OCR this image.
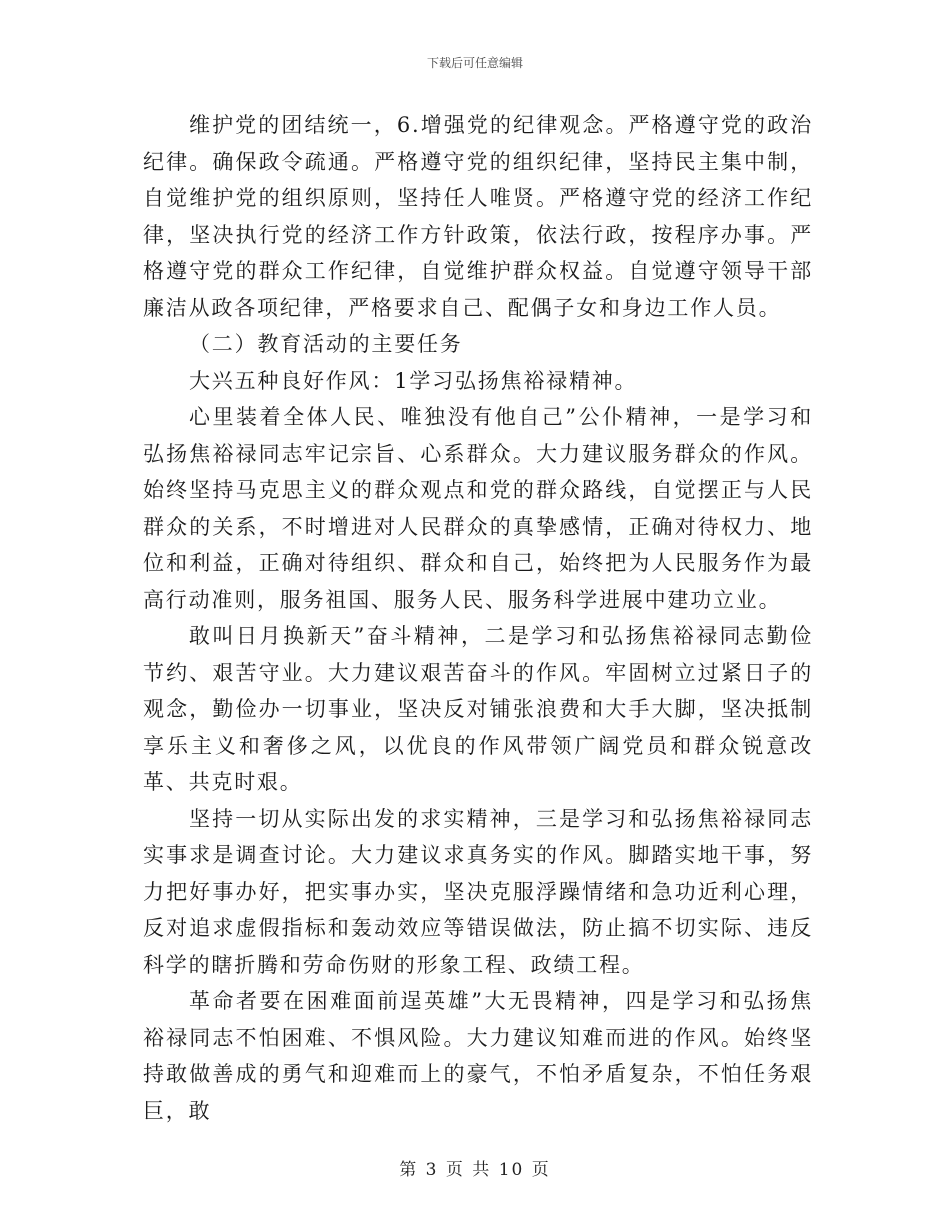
下载后可任意编辑

维护党的团结统一，6.增强党的纪律观念。严格遵守党的政治纪律。确保政令疏通。严格遵守党的组织纪律，坚持民主集中制，自觉维护党的组织原则，坚持任人唯贤。严格遵守党的经济工作纪律，坚决执行党的经济工作方针政策，依法行政，按程序办事。严格遵守党的群众工作纪律，自觉维护群众权益。自觉遵守领导干部廉洁从政各项纪律，严格要求自己、配偶子女和身边工作人员。

（二）教育活动的主要任务

大兴五种良好作风：1学习弘扬焦裕禄精神。

心里装着全体人民、唯独没有他自己”公仆精神，一是学习和弘扬焦裕禄同志牢记宗旨、心系群众。大力建议服务群众的作风。始终坚持马克思主义的群众观点和党的群众路线，自觉摆正与人民群众的关系，不时增进对人民群众的真挚感情，正确对待权力、地位和利益，正确对待组织、群众和自己，始终把为人民服务作为最高行动准则，服务祖国、服务人民、服务科学进展中建功立业。

敢叫日月换新天”奋斗精神，二是学习和弘扬焦裕禄同志勤俭节约、艰苦守业。大力建议艰苦奋斗的作风。牢固树立过紧日子的观念，勤俭办一切事业，坚决反对铺张浪费和大手大脚，坚决抵制享乐主义和奢侈之风，以优良的作风带领广阔党员和群众锐意改革、共克时艰。

坚持一切从实际出发的求实精神，三是学习和弘扬焦裕禄同志实事求是调查讨论。大力建议求真务实的作风。脚踏实地干事，努力把好事办好，把实事办实，坚决克服浮躁情绪和急功近利心理，反对追求虚假指标和轰动效应等错误做法，防止搞不切实际、违反科学的瞎折腾和劳命伤财的形象工程、政绩工程。

革命者要在困难面前逞英雄”大无畏精神，四是学习和弘扬焦裕禄同志不怕困难、不惧风险。大力建议知难而进的作风。始终坚持敢做善成的勇气和迎难而上的豪气，不怕矛盾复杂，不怕任务艰巨，敢

第 3 页 共 10 页
